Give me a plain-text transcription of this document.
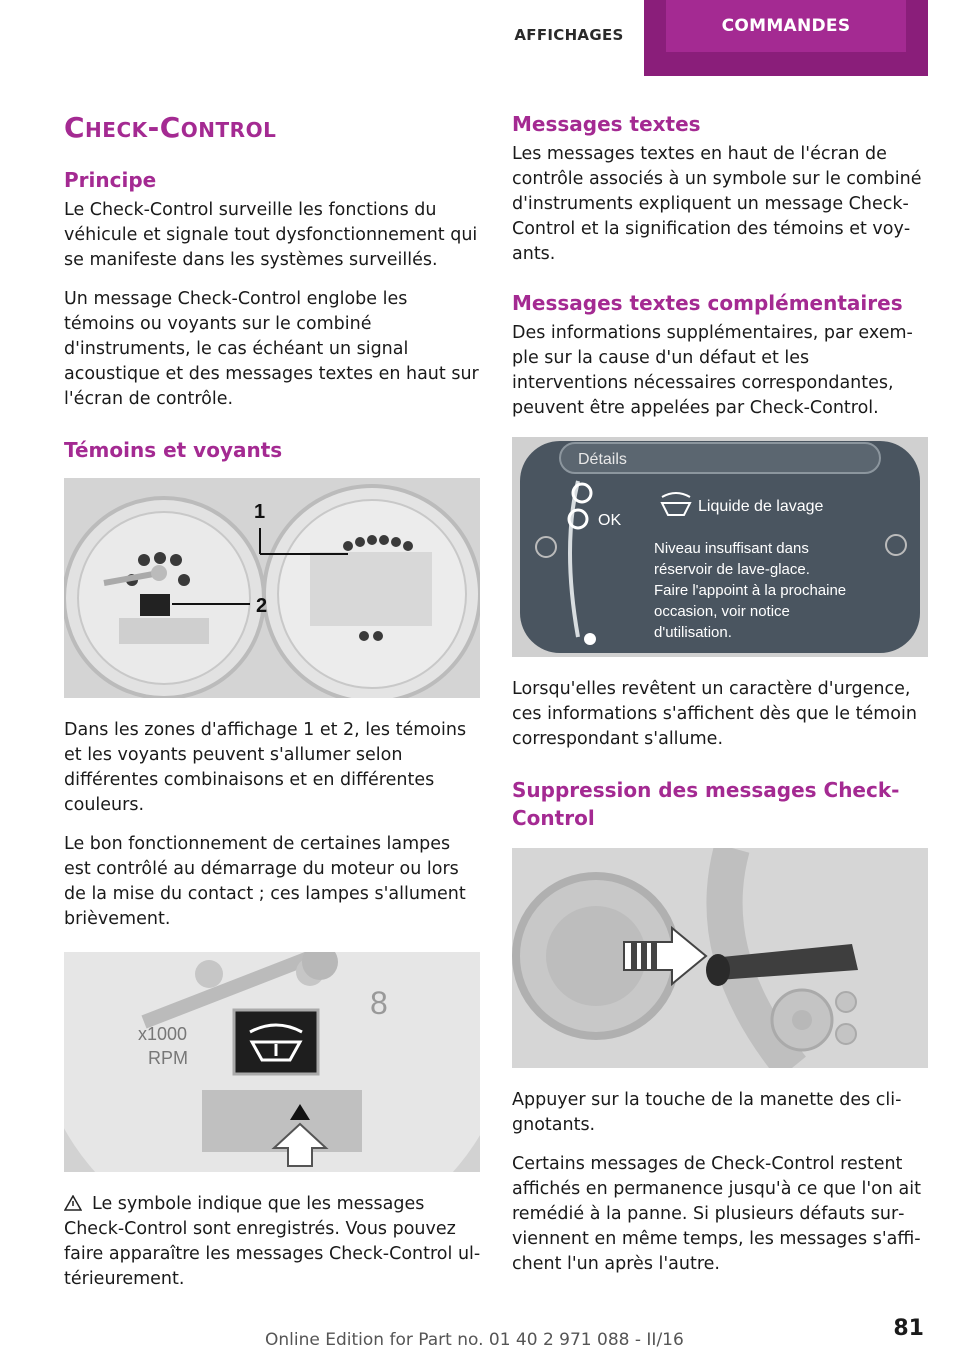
AFFICHAGES	COMMANDES
Check-Control
Principe

Le Check-Control surveille les fonctions du véhicule et signale tout dysfonctionnement qui se manifeste dans les systèmes surveillés.

Un message Check-Control englobe les témoins ou voyants sur le combiné d'instruments, le cas échéant un signal acoustique et des messages textes en haut sur l'écran de contrôle.

Témoins et voyants
1
2

Dans les zones d'affichage 1 et 2, les témoins et les voyants peuvent s'allumer selon différentes combinaisons et en différentes couleurs.

Le bon fonctionnement de certaines lampes est contrôlé au démarrage du moteur ou lors de la mise du contact ; ces lampes s'allument brièvement.

x1000
RPM
8

Le symbole indique que les messages Check-Control sont enregistrés. Vous pouvez faire apparaître les messages Check-Control ultérieurement.

Messages textes

Les messages textes en haut de l'écran de contrôle associés à un symbole sur le combiné d'instruments expliquent un message Check-Control et la signification des témoins et voyants.

Messages textes complémentaires

Des informations supplémentaires, par exemple sur la cause d'un défaut et les interventions nécessaires correspondantes, peuvent être appelées par Check-Control.

Détails
OK
Liquide de lavage
Niveau insuffisant dans
réservoir de lave-glace.
Faire l'appoint à la prochaine
occasion, voir notice
d'utilisation.

Lorsqu'elles revêtent un caractère d'urgence, ces informations s'affichent dès que le témoin correspondant s'allume.

Suppression des messages Check-Control

Appuyer sur la touche de la manette des clignotants.

Certains messages de Check-Control restent affichés en permanence jusqu'à ce que l'on ait remédié à la panne. Si plusieurs défauts surviennent en même temps, les messages s'affichent l'un après l'autre.

81
Online Edition for Part no. 01 40 2 971 088 - II/16
